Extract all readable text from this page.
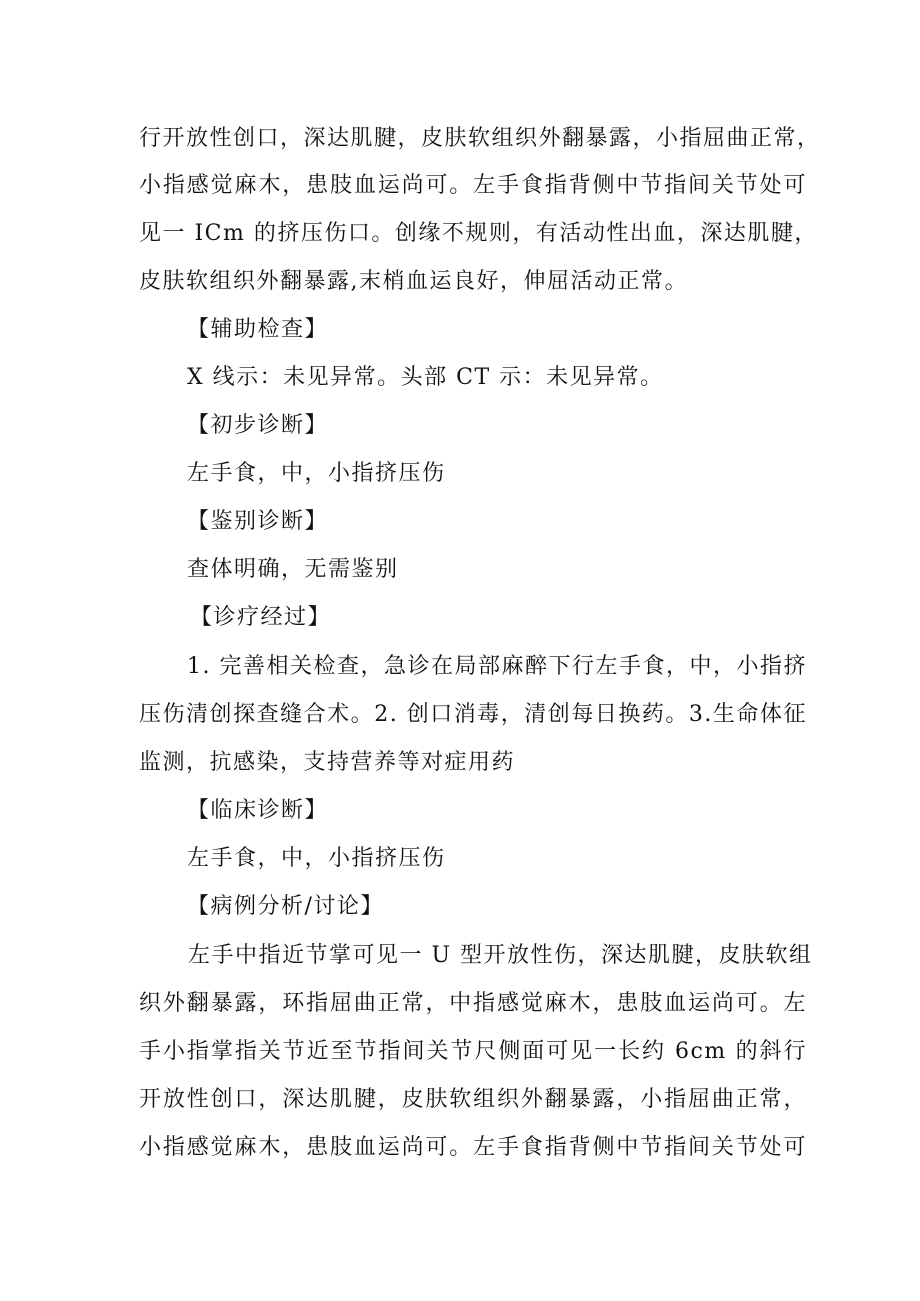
行开放性创口，深达肌腱，皮肤软组织外翻暴露，小指屈曲正常，

小指感觉麻木，患肢血运尚可。左手食指背侧中节指间关节处可

见一 ICm 的挤压伤口。创缘不规则，有活动性出血，深达肌腱，

皮肤软组织外翻暴露,末梢血运良好，伸屈活动正常。

【辅助检查】

X 线示：未见异常。头部 CT 示：未见异常。

【初步诊断】

左手食，中，小指挤压伤

【鉴别诊断】

查体明确，无需鉴别

【诊疗经过】

1. 完善相关检查，急诊在局部麻醉下行左手食，中，小指挤

压伤清创探查缝合术。2. 创口消毒，清创每日换药。3.生命体征

监测，抗感染，支持营养等对症用药

【临床诊断】

左手食，中，小指挤压伤

【病例分析/讨论】

左手中指近节掌可见一 U 型开放性伤，深达肌腱，皮肤软组

织外翻暴露，环指屈曲正常，中指感觉麻木，患肢血运尚可。左

手小指掌指关节近至节指间关节尺侧面可见一长约 6cm 的斜行

开放性创口，深达肌腱，皮肤软组织外翻暴露，小指屈曲正常，

小指感觉麻木，患肢血运尚可。左手食指背侧中节指间关节处可
